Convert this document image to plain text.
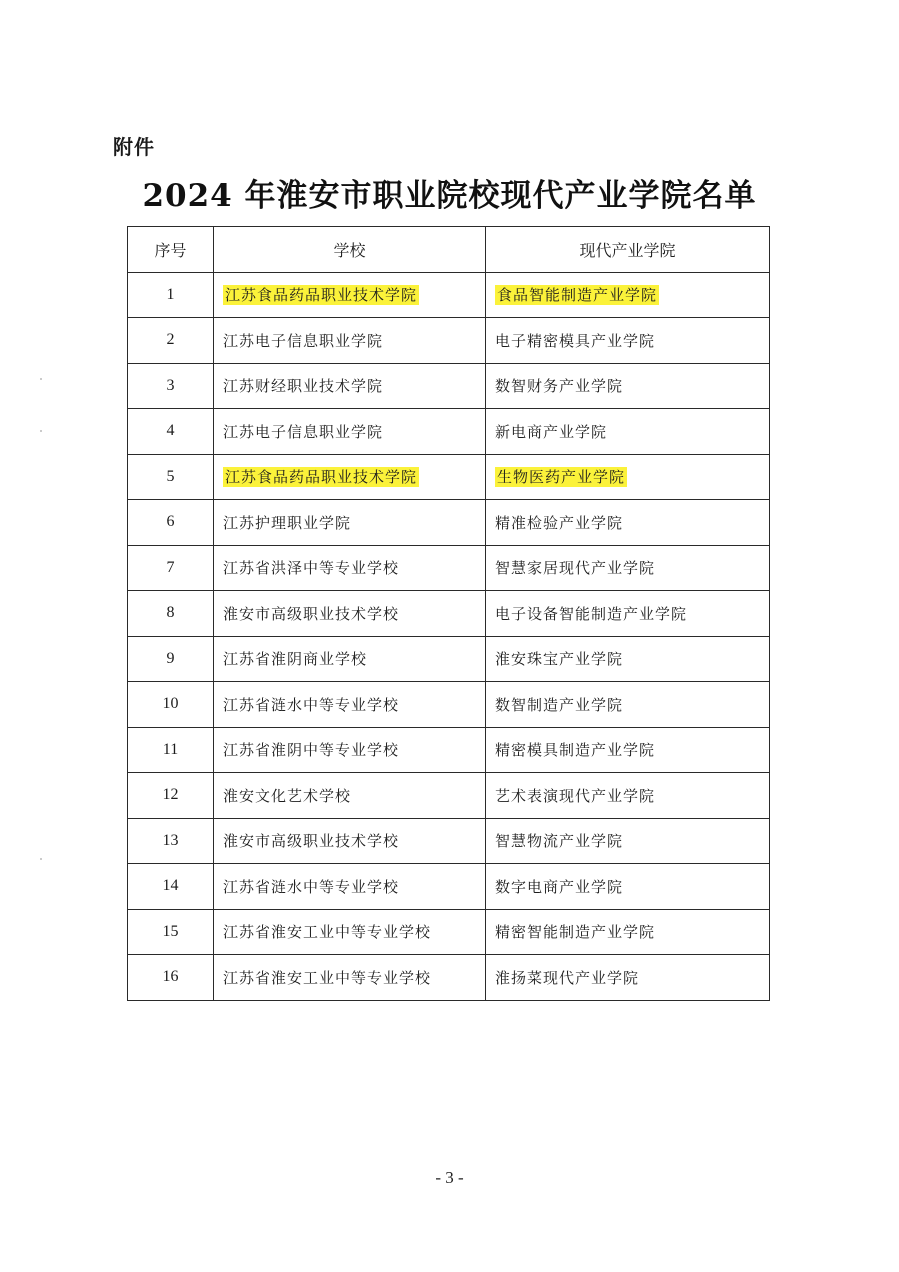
附件
2024 年淮安市职业院校现代产业学院名单
序号	学校	现代产业学院
1	江苏食品药品职业技术学院	食品智能制造产业学院
2	江苏电子信息职业学院	电子精密模具产业学院
3	江苏财经职业技术学院	数智财务产业学院
4	江苏电子信息职业学院	新电商产业学院
5	江苏食品药品职业技术学院	生物医药产业学院
6	江苏护理职业学院	精准检验产业学院
7	江苏省洪泽中等专业学校	智慧家居现代产业学院
8	淮安市高级职业技术学校	电子设备智能制造产业学院
9	江苏省淮阴商业学校	淮安珠宝产业学院
10	江苏省涟水中等专业学校	数智制造产业学院
11	江苏省淮阴中等专业学校	精密模具制造产业学院
12	淮安文化艺术学校	艺术表演现代产业学院
13	淮安市高级职业技术学校	智慧物流产业学院
14	江苏省涟水中等专业学校	数字电商产业学院
15	江苏省淮安工业中等专业学校	精密智能制造产业学院
16	江苏省淮安工业中等专业学校	淮扬菜现代产业学院
- 3 -
